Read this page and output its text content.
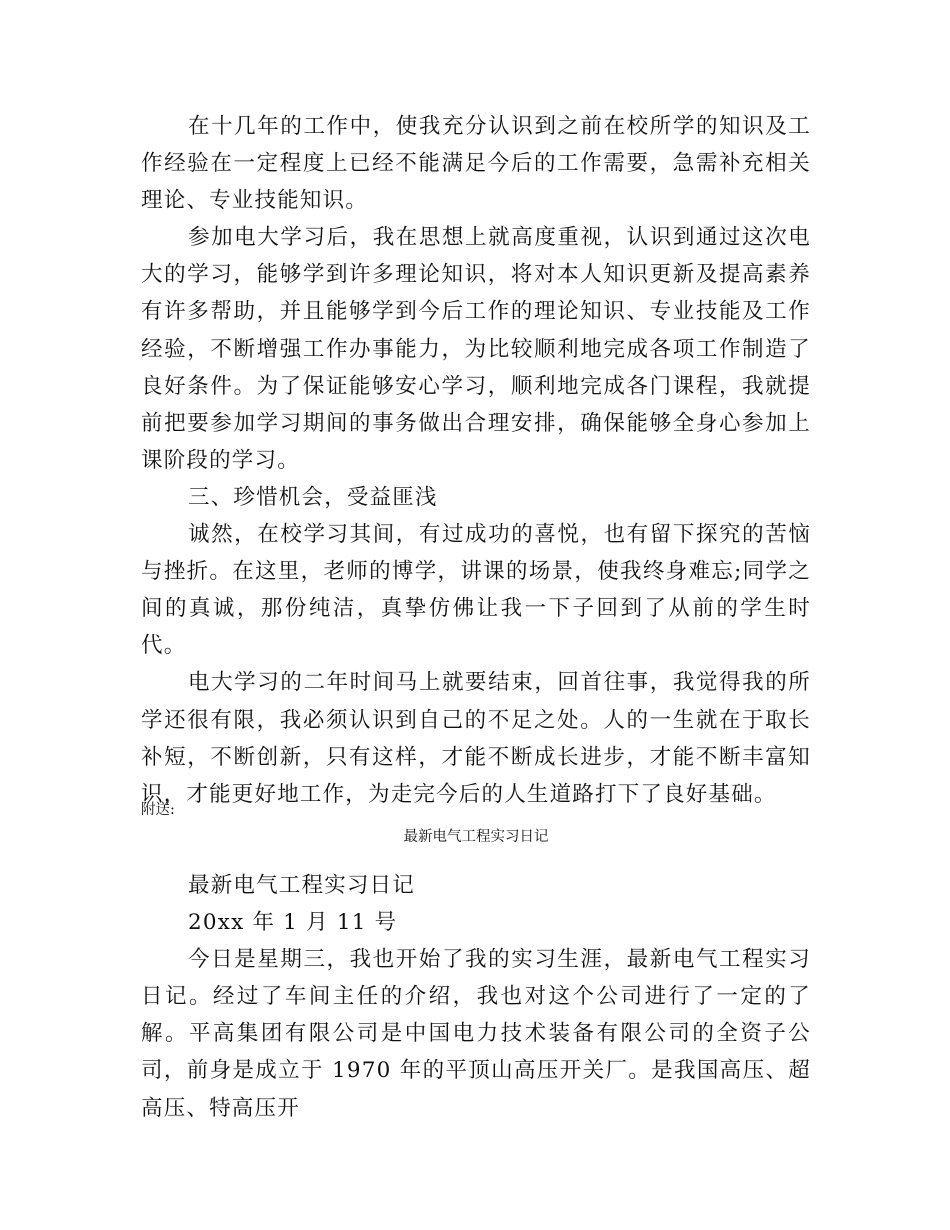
在十几年的工作中，使我充分认识到之前在校所学的知识及工作经验在一定程度上已经不能满足今后的工作需要，急需补充相关理论、专业技能知识。

参加电大学习后，我在思想上就高度重视，认识到通过这次电大的学习，能够学到许多理论知识，将对本人知识更新及提高素养有许多帮助，并且能够学到今后工作的理论知识、专业技能及工作经验，不断增强工作办事能力，为比较顺利地完成各项工作制造了良好条件。为了保证能够安心学习，顺利地完成各门课程，我就提前把要参加学习期间的事务做出合理安排，确保能够全身心参加上课阶段的学习。

三、珍惜机会，受益匪浅

诚然，在校学习其间，有过成功的喜悦，也有留下探究的苦恼与挫折。在这里，老师的博学，讲课的场景，使我终身难忘;同学之间的真诚，那份纯洁，真挚仿佛让我一下子回到了从前的学生时代。

电大学习的二年时间马上就要结束，回首往事，我觉得我的所学还很有限，我必须认识到自己的不足之处。人的一生就在于取长补短，不断创新，只有这样，才能不断成长进步，才能不断丰富知识，才能更好地工作，为走完今后的人生道路打下了良好基础。

附送:

最新电气工程实习日记

最新电气工程实习日记

20xx 年 1 月 11 号

今日是星期三，我也开始了我的实习生涯，最新电气工程实习日记。经过了车间主任的介绍，我也对这个公司进行了一定的了解。平高集团有限公司是中国电力技术装备有限公司的全资子公司，前身是成立于 1970 年的平顶山高压开关厂。是我国高压、超高压、特高压开
